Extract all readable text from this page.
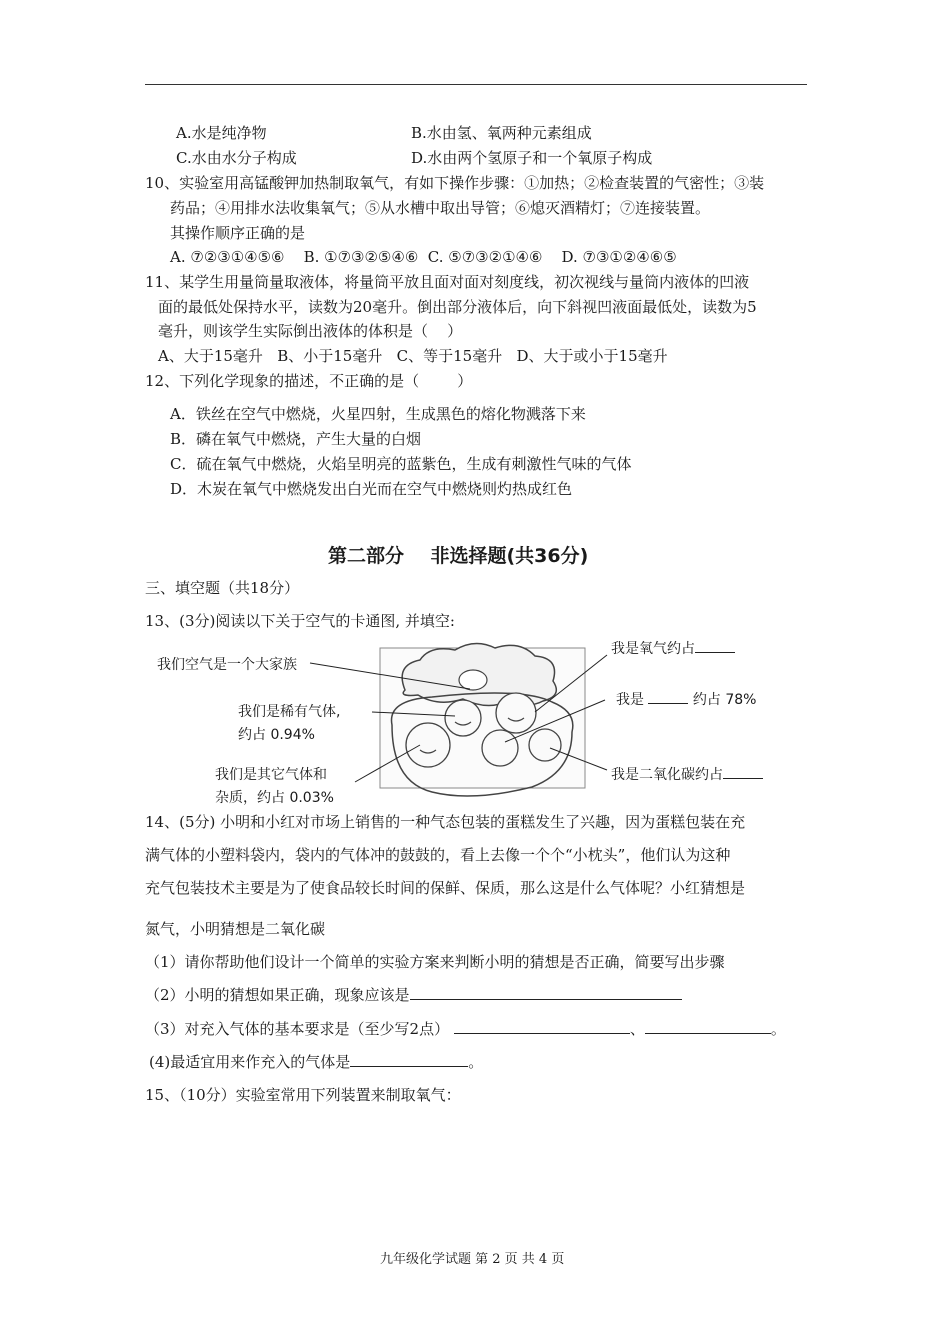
A.水是纯净物	B.水由氢、氧两种元素组成
C.水由水分子构成	D.水由两个氢原子和一个氧原子构成
10、实验室用高锰酸钾加热制取氧气，有如下操作步骤：①加热；②检查装置的气密性；③装
药品；④用排水法收集氧气；⑤从水槽中取出导管；⑥熄灭酒精灯；⑦连接装置。
其操作顺序正确的是
A. ⑦②③①④⑤⑥    B. ①⑦③②⑤④⑥  C. ⑤⑦③②①④⑥    D. ⑦③①②④⑥⑤
11、某学生用量筒量取液体，将量筒平放且面对面对刻度线，初次视线与量筒内液体的凹液
面的最低处保持水平，读数为20毫升。倒出部分液体后，向下斜视凹液面最低处，读数为5
毫升，则该学生实际倒出液体的体积是（    ）
A、大于15毫升   B、小于15毫升   C、等于15毫升   D、大于或小于15毫升
12、下列化学现象的描述，不正确的是（        ）
A．铁丝在空气中燃烧，火星四射，生成黑色的熔化物溅落下来
B．磷在氧气中燃烧，产生大量的白烟
C．硫在氧气中燃烧，火焰呈明亮的蓝紫色，生成有刺激性气味的气体
D．木炭在氧气中燃烧发出白光而在空气中燃烧则灼热成红色
第二部分    非选择题(共36分)
三、填空题（共18分）
13、(3分)阅读以下关于空气的卡通图, 并填空:
我们空气是一个大家族
我们是稀有气体,
约占 0.94%
我们是其它气体和
杂质，约占 0.03%
我是氧气约占
我是	约占 78%
我是二氧化碳约占
14、(5分) 小明和小红对市场上销售的一种气态包装的蛋糕发生了兴趣，因为蛋糕包装在充
满气体的小塑料袋内，袋内的气体冲的鼓鼓的，看上去像一个个“小枕头”，他们认为这种
充气包装技术主要是为了使食品较长时间的保鲜、保质，那么这是什么气体呢？小红猜想是
氮气，小明猜想是二氧化碳
（1）请你帮助他们设计一个简单的实验方案来判断小明的猜想是否正确，简要写出步骤
（2）小明的猜想如果正确，现象应该是
（3）对充入气体的基本要求是（至少写2点）	、	。
(4)最适宜用来作充入的气体是	。
15、（10分）实验室常用下列装置来制取氧气：
九年级化学试题 第 2 页 共 4 页
